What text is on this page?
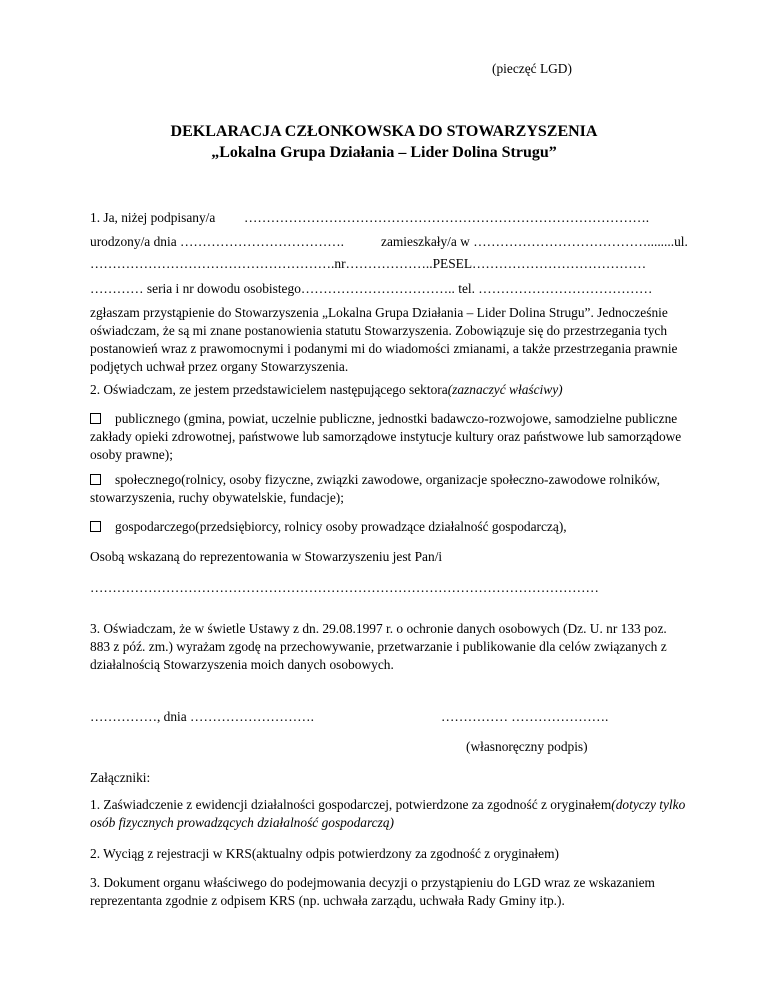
(pieczęć LGD)
DEKLARACJA CZŁONKOWSKA DO STOWARZYSZENIA
„Lokalna Grupa Działania – Lider Dolina Strugu”
1. Ja, niżej podpisany/a ……………………………………………………………………………….
urodzony/a dnia ……………………………….	zamieszkały/a w …………………………………........ul.
……………………………………………….nr………………..PESEL…………………………………
………… seria i nr dowodu osobistego…………………………….. tel. …………………………………
zgłaszam przystąpienie do Stowarzyszenia „Lokalna Grupa Działania – Lider Dolina Strugu”. Jednocześnie oświadczam, że są mi znane postanowienia statutu Stowarzyszenia. Zobowiązuje się do przestrzegania tych postanowień wraz z prawomocnymi i podanymi mi do wiadomości zmianami, a także przestrzegania prawnie podjętych uchwał przez organy Stowarzyszenia.
2. Oświadczam, ze jestem przedstawicielem następującego sektora(zaznaczyć właściwy)
publicznego (gmina, powiat, uczelnie publiczne, jednostki badawczo-rozwojowe, samodzielne publiczne zakłady opieki zdrowotnej, państwowe lub samorządowe instytucje kultury oraz państwowe lub samorządowe osoby prawne);
społecznego(rolnicy, osoby fizyczne, związki zawodowe, organizacje społeczno-zawodowe rolników, stowarzyszenia, ruchy obywatelskie, fundacje);
gospodarczego(przedsiębiorcy, rolnicy osoby prowadzące działalność gospodarczą),
Osobą wskazaną do reprezentowania w Stowarzyszeniu jest Pan/i
……………………………………………………………………………………………………
3. Oświadczam, że w świetle Ustawy z dn. 29.08.1997 r. o ochronie danych osobowych (Dz. U. nr 133 poz. 883 z póź. zm.) wyrażam zgodę na przechowywanie, przetwarzanie i publikowanie dla celów związanych z działalnością Stowarzyszenia moich danych osobowych.
……………, dnia ……………………….	…………… ………………….
(własnoręczny podpis)
Załączniki:
1. Zaświadczenie z ewidencji działalności gospodarczej, potwierdzone za zgodność z oryginałem(dotyczy tylko osób fizycznych prowadzących działalność gospodarczą)
2. Wyciąg z rejestracji w KRS(aktualny odpis potwierdzony za zgodność z oryginałem)
3. Dokument organu właściwego do podejmowania decyzji o przystąpieniu do LGD wraz ze wskazaniem reprezentanta zgodnie z odpisem KRS (np. uchwała zarządu, uchwała Rady Gminy itp.).
